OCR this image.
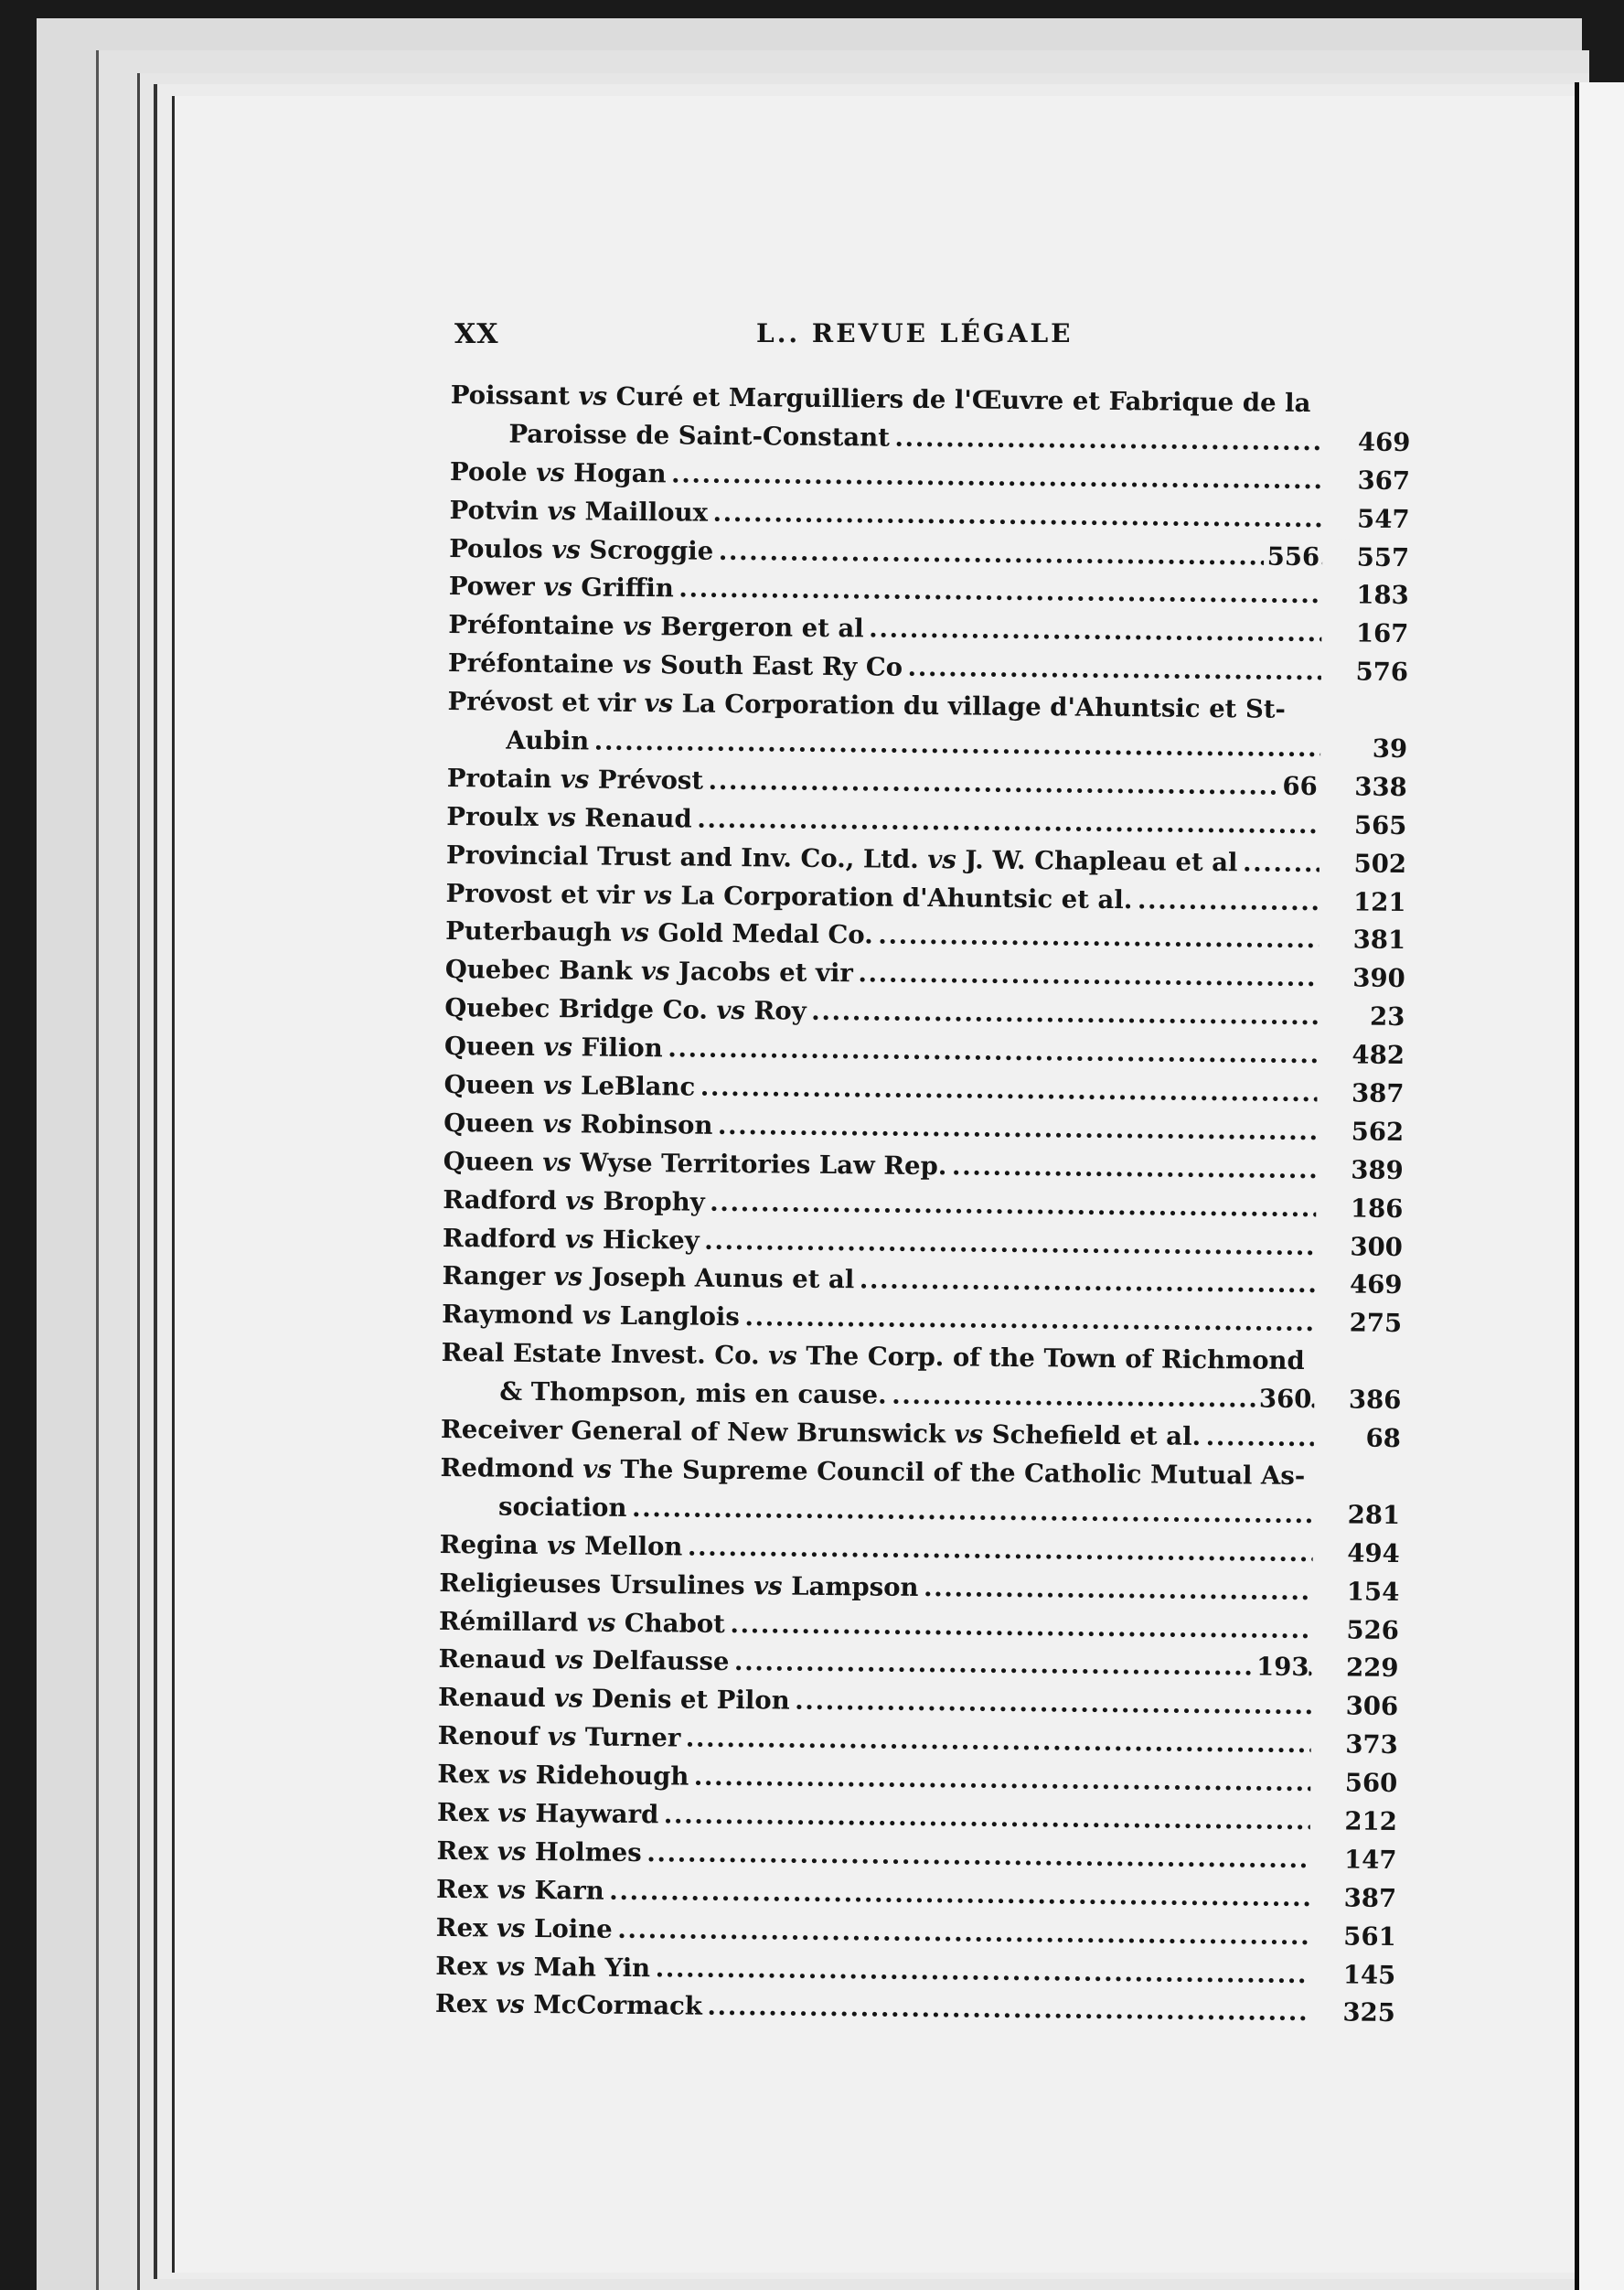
XX	L.. REVUE LÉGALE
Poissant vs Curé et Marguilliers de l'Œuvre et Fabrique de la
Paroisse de Saint-Constant . . .	469
Poole vs Hogan . . .	367
Potvin vs Mailloux . . .	547
Poulos vs Scroggie . . .	556	557
Power vs Griffin . . .	183
Préfontaine vs Bergeron et al . . .	167
Préfontaine vs South East Ry Co . . .	576
Prévost et vir vs La Corporation du village d'Ahuntsic et St-
Aubin . . .	39
Protain vs Prévost . . .	66	338
Proulx vs Renaud . . .	565
Provincial Trust and Inv. Co., Ltd. vs J. W. Chapleau et al . . .	502
Provost et vir vs La Corporation d'Ahuntsic et al. . . .	121
Puterbaugh vs Gold Medal Co. . . .	381
Quebec Bank vs Jacobs et vir . . .	390
Quebec Bridge Co. vs Roy . . .	23
Queen vs Filion . . .	482
Queen vs LeBlanc . . .	387
Queen vs Robinson . . .	562
Queen vs Wyse Territories Law Rep. . . .	389
Radford vs Brophy . . .	186
Radford vs Hickey . . .	300
Ranger vs Joseph Aunus et al . . .	469
Raymond vs Langlois . . .	275
Real Estate Invest. Co. vs The Corp. of the Town of Richmond
& Thompson, mis en cause. . . .	360	386
Receiver General of New Brunswick vs Schefield et al. . . .	68
Redmond vs The Supreme Council of the Catholic Mutual As-
sociation . . .	281
Regina vs Mellon . . .	494
Religieuses Ursulines vs Lampson . . .	154
Rémillard vs Chabot . . .	526
Renaud vs Delfausse . . .	193	229
Renaud vs Denis et Pilon . . .	306
Renouf vs Turner . . .	373
Rex vs Ridehough . . .	560
Rex vs Hayward . . .	212
Rex vs Holmes . . .	147
Rex vs Karn . . .	387
Rex vs Loine . . .	561
Rex vs Mah Yin . . .	145
Rex vs McCormack . . .	325
